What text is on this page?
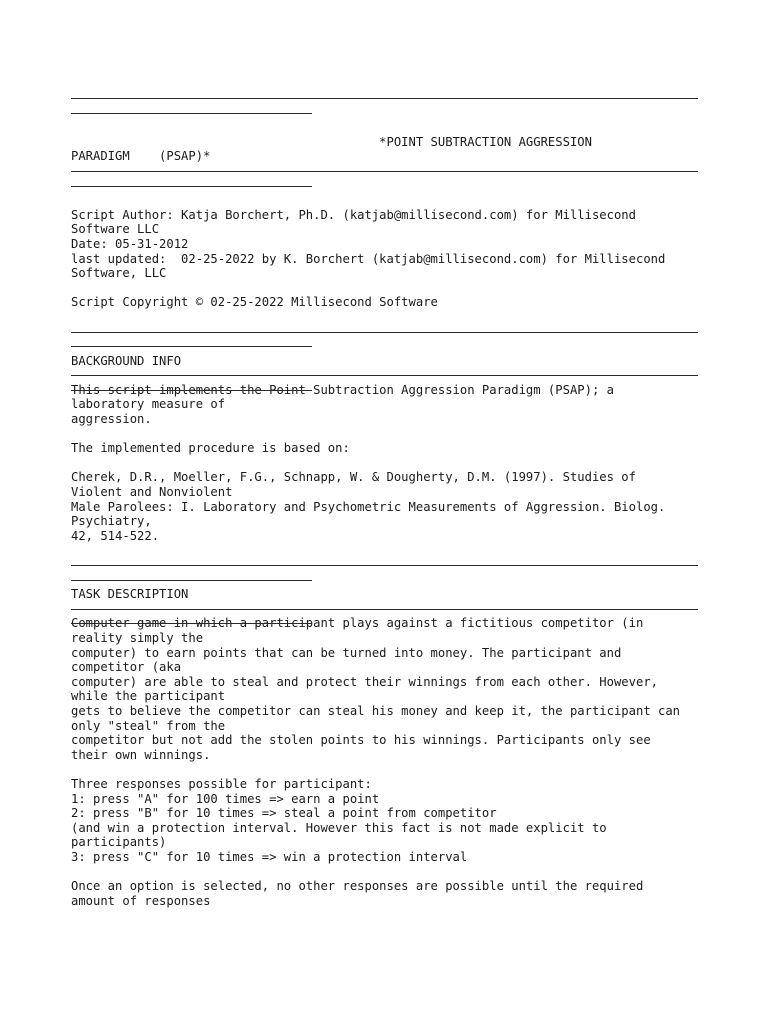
*POINT SUBTRACTION AGGRESSION
PARADIGM    (PSAP)*
Script Author: Katja Borchert, Ph.D. (katjab@millisecond.com) for Millisecond
Software LLC
Date: 05-31-2012
last updated:  02-25-2022 by K. Borchert (katjab@millisecond.com) for Millisecond
Software, LLC
Script Copyright © 02-25-2022 Millisecond Software
BACKGROUND INFO
This script implements the Point Subtraction Aggression Paradigm (PSAP); a
laboratory measure of
aggression.
The implemented procedure is based on:
Cherek, D.R., Moeller, F.G., Schnapp, W. & Dougherty, D.M. (1997). Studies of
Violent and Nonviolent
Male Parolees: I. Laboratory and Psychometric Measurements of Aggression. Biolog.
Psychiatry,
42, 514-522.
TASK DESCRIPTION
Computer game in which a participant plays against a fictitious competitor (in
reality simply the
computer) to earn points that can be turned into money. The participant and
competitor (aka
computer) are able to steal and protect their winnings from each other. However,
while the participant
gets to believe the competitor can steal his money and keep it, the participant can
only "steal" from the
competitor but not add the stolen points to his winnings. Participants only see
their own winnings.
Three responses possible for participant:
1: press "A" for 100 times => earn a point
2: press "B" for 10 times => steal a point from competitor
(and win a protection interval. However this fact is not made explicit to
participants)
3: press "C" for 10 times => win a protection interval
Once an option is selected, no other responses are possible until the required
amount of responses
